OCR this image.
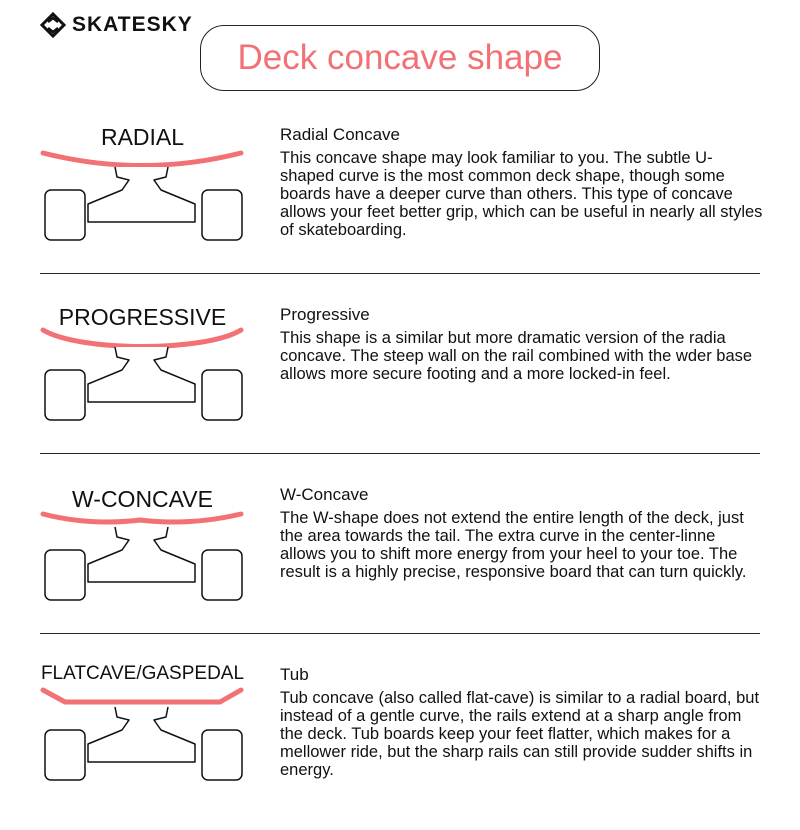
SKATESKY
Deck concave shape
RADIAL	Radial Concave

This concave shape may look familiar to you. The subtle U-shaped curve is the most common deck shape, though some boards have a deeper curve than others. This type of concave allows your feet better grip, which can be useful in nearly all styles of skateboarding.

PROGRESSIVE	Progressive

This shape is a similar but more dramatic version of the radia concave. The steep wall on the rail combined with the wder base allows more secure footing and a more locked-in feel.

W-CONCAVE	W-Concave

The W-shape does not extend the entire length of the deck, just the area towards the tail. The extra curve in the center-linne allows you to shift more energy from your heel to your toe. The result is a highly precise, responsive board that can turn quickly.

FLATCAVE/GASPEDAL Tub

Tub concave (also called flat-cave) is similar to a radial board, but instead of a gentle curve, the rails extend at a sharp angle from the deck. Tub boards keep your feet flatter, which makes for a mellower ride, but the sharp rails can still provide sudder shifts in energy.
